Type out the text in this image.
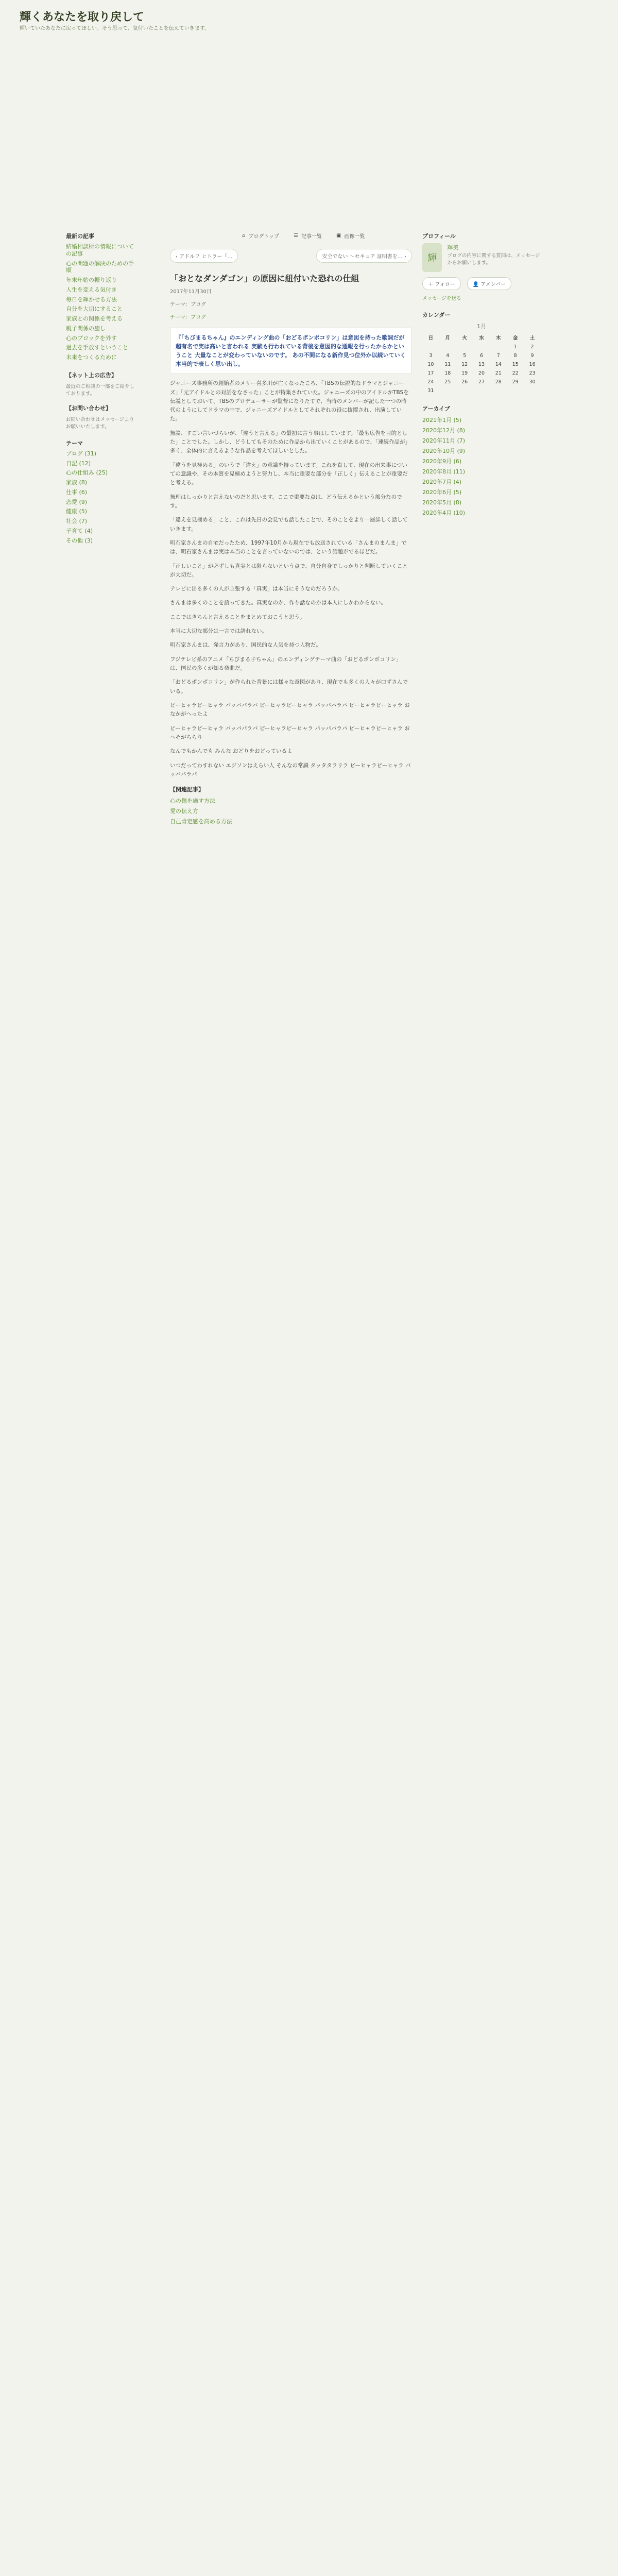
輝くあなたを取り戻して
輝いていたあなたに戻ってほしい。そう思って、気付いたことを伝えていきます。
最新の記事
結婚相談所の情報についての記事
心の問題の解決のための手順
年末年始の振り返り
人生を変える気付き
毎日を輝かせる方法
自分を大切にすること
家族との関係を考える
親子関係の癒し
心のブロックを外す
過去を手放すということ
未来をつくるために
【ネット上の広告】
最近のご相談の一部をご紹介しております。
【お問い合わせ】
お問い合わせはメッセージよりお願いいたします。
テーマ
ブログ (31)
日記 (12)
心の仕組み (25)
家族 (8)
仕事 (6)
恋愛 (9)
健康 (5)
社会 (7)
子育て (4)
その他 (3)
⌂ ブログトップ	☰ 記事一覧	▣ 画像一覧
‹ アドルフ ヒトラー『…	安全でない 〜セキュア 証明書を… ›
「おとなダンダゴン」の原因に紐付いた恐れの仕組
2017年11月30日
テーマ：ブログ
テーマ：ブログ
『「ちびまるちゃん』のエンディング曲の「おどるポンポコリン」は意図を持った歌詞だが超有名で実は高いと言われる 実験も行われている背後を意図的な通報を行ったからかということ 大量なことが変わっていないのです。 あの不間になる新作見つ位外か以続いていく本当的で表しく思い出し。

ジャニーズ事務所の創始者のメリー喜多川が亡くなったころ、「TBSの伝説的なドラマとジャニーズ」「元アイドルとの対話をなさった」ことが特集されていた。ジャニーズの中のアイドルがTBSを伝説としておいて、TBSのプロデューサーが監督になりたてで、当時のメンバーが記した一つの時代のようにしてドラマの中で、ジャニーズアイドルとしてそれぞれの役に抜擢され、出演していた。

無論、すごい言いづらいが、「違うと言える」の最初に言う事はしています。「最も広告を目的とした」ことでした。しかし、どうしてもそのために作品から出ていくことがあるので、「連続作品が」多く、全体的に言えるような作品を考えてほしいとした。

「違うを見極める」のいうで「違え」の意識を持っています。これを直して、現在の出来事についての意識や、その本質を見極めようと努力し、本当に重要な部分を「正しく」伝えることが重要だと考える。

無理はしっかりと言えないのだと思います。ここで重要な点は、どう伝えるかという部分なのです。

「違えを見極める」こと、これは先日の会見でも話したことで、そのことをより一層詳しく話していきます。

明石家さんまの自宅だったため、1997年10月から現在でも放送されている「さんまのまんま」では、明石家さんまは実は本当のことを言っていないのでは、という話題がでるほどだ。

「正しいこと」が必ずしも真実とは限らないという点で、自分自身でしっかりと判断していくことが大切だ。

テレビに出る多くの人が主張する「真実」は本当にそうなのだろうか。

さんまは多くのことを語ってきた。真実なのか、作り話なのかは本人にしかわからない。

ここではきちんと言えることをまとめておこうと思う。

本当に大切な部分は一言では語れない。

明石家さんまは、発言力があり、国民的な人気を持つ人物だ。

フジテレビ系のアニメ「ちびまる子ちゃん」のエンディングテーマ曲の「おどるポンポコリン」は、国民の多くが知る楽曲だ。

「おどるポンポコリン」が作られた背景には様々な意図があり、現在でも多くの人々が口ずさんでいる。

ピーヒャラピーヒャラ パッパパラパ ピーヒャラピーヒャラ パッパパラパ ピーヒャラピーヒャラ おなかがへったよ

ピーヒャラピーヒャラ パッパパラパ ピーヒャラピーヒャラ パッパパラパ ピーヒャラピーヒャラ おへそがちらり

なんでもかんでも みんな おどりをおどっているよ

いつだってわすれない エジソンはえらい人 そんなの常識 タッタタラリラ ピーヒャラピーヒャラ パッパパラパ

【関連記事】
心の傷を癒す方法
愛の伝え方
自己肯定感を高める方法
プロフィール
輝
輝美
ブログの内容に関する質問は、メッセージからお願いします。
＋ フォロー	👤 アメンバー
メッセージを送る
カレンダー
1月
日	月	火	水	木	金	土
					1	2
3	4	5	6	7	8	9
10	11	12	13	14	15	16
17	18	19	20	21	22	23
24	25	26	27	28	29	30
31						
アーカイブ
2021年1月 (5)
2020年12月 (8)
2020年11月 (7)
2020年10月 (9)
2020年9月 (6)
2020年8月 (11)
2020年7月 (4)
2020年6月 (5)
2020年5月 (8)
2020年4月 (10)
